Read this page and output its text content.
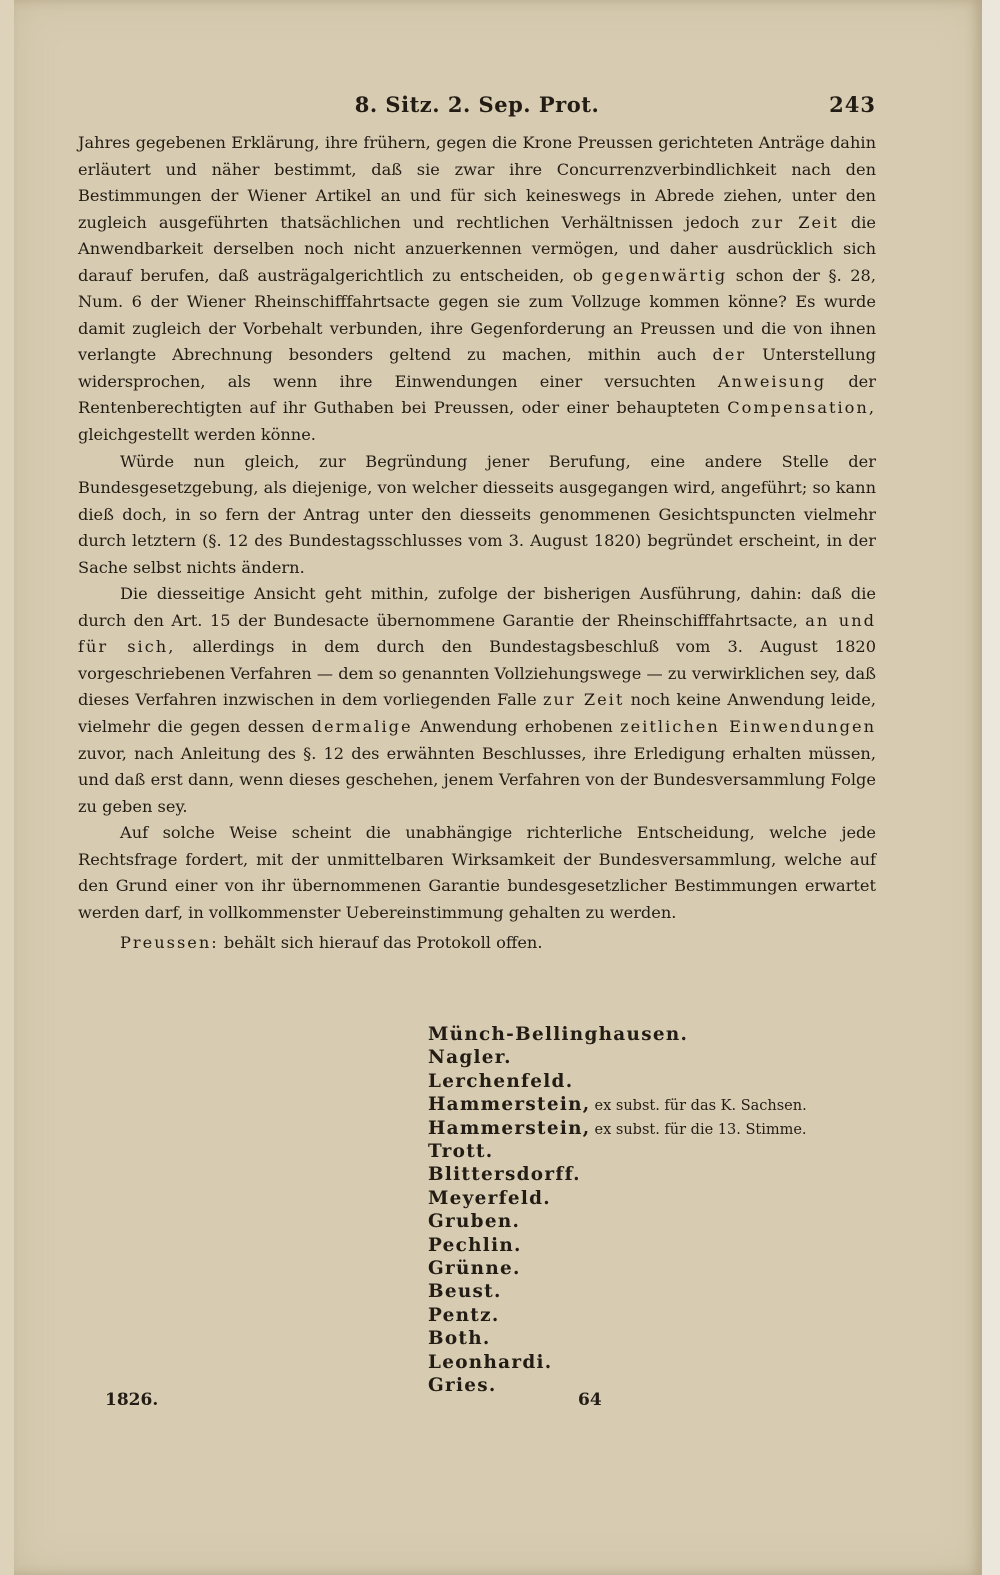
8. Sitz. 2. Sep. Prot.	243

Jahres gegebenen Erklärung, ihre frühern, gegen die Krone Preussen gerichteten Anträge dahin erläutert und näher bestimmt, daß sie zwar ihre Concurrenzverbindlichkeit nach den Bestimmungen der Wiener Artikel an und für sich keineswegs in Abrede ziehen, unter den zugleich ausgeführten thatsächlichen und rechtlichen Verhältnissen jedoch zur Zeit die Anwendbarkeit derselben noch nicht anzuerkennen vermögen, und daher ausdrücklich sich darauf berufen, daß austrägalgerichtlich zu entscheiden, ob gegenwärtig schon der §. 28, Num. 6 der Wiener Rheinschifffahrtsacte gegen sie zum Vollzuge kommen könne? Es wurde damit zugleich der Vorbehalt verbunden, ihre Gegenforderung an Preussen und die von ihnen verlangte Abrechnung besonders geltend zu machen, mithin auch der Unterstellung widersprochen, als wenn ihre Einwendungen einer versuchten Anweisung der Rentenberechtigten auf ihr Guthaben bei Preussen, oder einer behaupteten Compensation, gleichgestellt werden könne.

Würde nun gleich, zur Begründung jener Berufung, eine andere Stelle der Bundesgesetzgebung, als diejenige, von welcher diesseits ausgegangen wird, angeführt; so kann dieß doch, in so fern der Antrag unter den diesseits genommenen Gesichtspuncten vielmehr durch letztern (§. 12 des Bundestagsschlusses vom 3. August 1820) begründet erscheint, in der Sache selbst nichts ändern.

Die diesseitige Ansicht geht mithin, zufolge der bisherigen Ausführung, dahin: daß die durch den Art. 15 der Bundesacte übernommene Garantie der Rheinschifffahrtsacte, an und für sich, allerdings in dem durch den Bundestagsbeschluß vom 3. August 1820 vorgeschriebenen Verfahren — dem so genannten Vollziehungswege — zu verwirklichen sey, daß dieses Verfahren inzwischen in dem vorliegenden Falle zur Zeit noch keine Anwendung leide, vielmehr die gegen dessen dermalige Anwendung erhobenen zeitlichen Einwendungen zuvor, nach Anleitung des §. 12 des erwähnten Beschlusses, ihre Erledigung erhalten müssen, und daß erst dann, wenn dieses geschehen, jenem Verfahren von der Bundesversammlung Folge zu geben sey.

Auf solche Weise scheint die unabhängige richterliche Entscheidung, welche jede Rechtsfrage fordert, mit der unmittelbaren Wirksamkeit der Bundesversammlung, welche auf den Grund einer von ihr übernommenen Garantie bundesgesetzlicher Bestimmungen erwartet werden darf, in vollkommenster Uebereinstimmung gehalten zu werden.

Preussen: behält sich hierauf das Protokoll offen.

Münch-Bellinghausen.
Nagler.
Lerchenfeld.
Hammerstein, ex subst. für das K. Sachsen.
Hammerstein, ex subst. für die 13. Stimme.
Trott.
Blittersdorff.
Meyerfeld.
Gruben.
Pechlin.
Grünne.
Beust.
Pentz.
Both.
Leonhardi.
Gries.
1826.	64
